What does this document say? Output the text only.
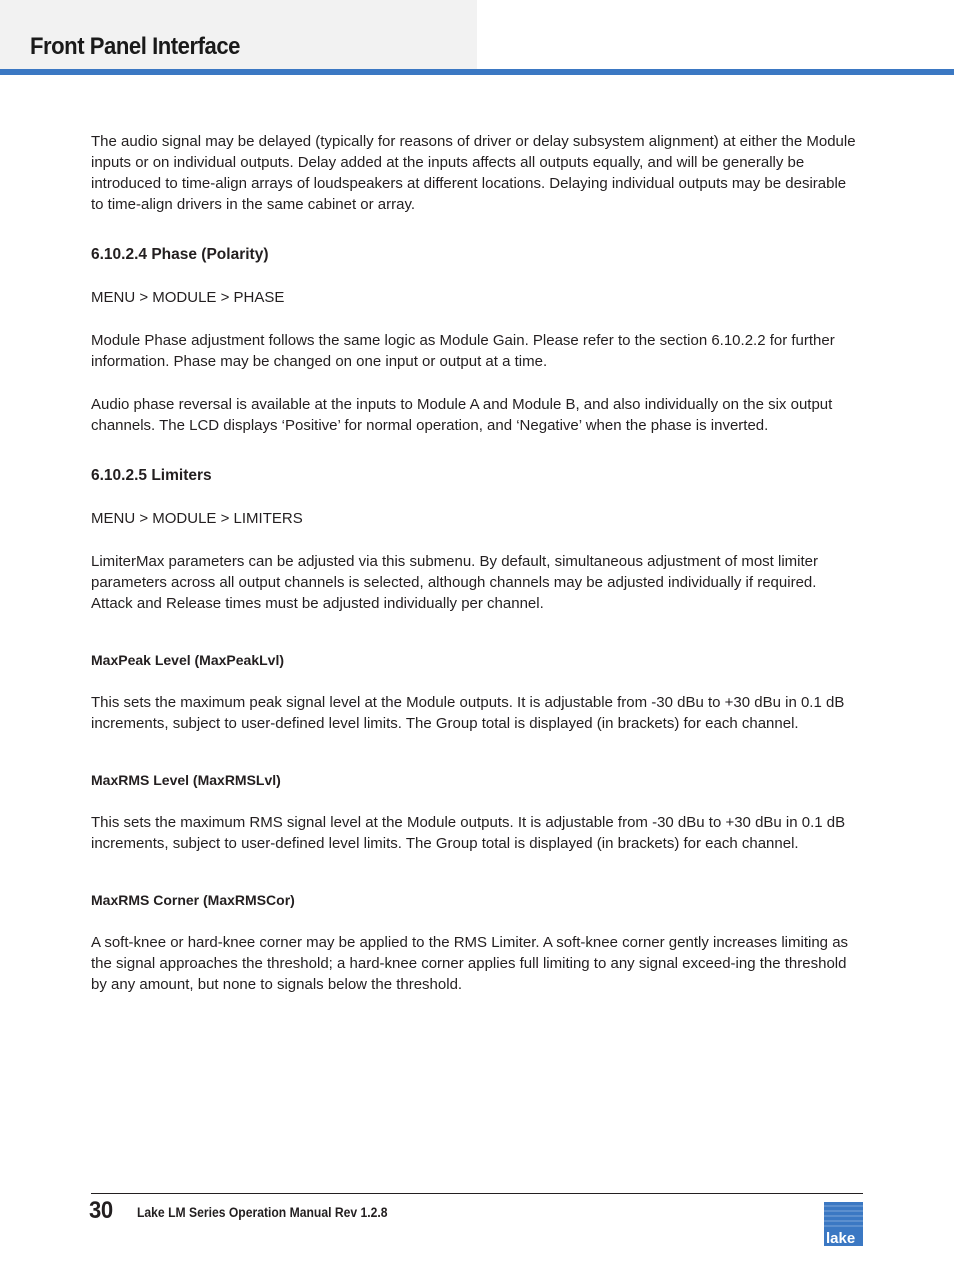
Front Panel Interface

The audio signal may be delayed (typically for reasons of driver or delay subsystem alignment) at either the Module inputs or on individual outputs. Delay added at the inputs affects all outputs equally, and will be generally be introduced to time-align arrays of loudspeakers at different locations. Delaying individual outputs may be desirable to time-align drivers in the same cabinet or array.

6.10.2.4 Phase (Polarity)

MENU > MODULE > PHASE

Module Phase adjustment follows the same logic as Module Gain. Please refer to the section 6.10.2.2 for further information. Phase may be changed on one input or output at a time.

Audio phase reversal is available at the inputs to Module A and Module B, and also individually on the six output channels. The LCD displays ‘Positive’ for normal operation, and ‘Negative’ when the phase is inverted.

6.10.2.5 Limiters

MENU > MODULE > LIMITERS

LimiterMax parameters can be adjusted via this submenu. By default, simultaneous adjustment of most limiter parameters across all output channels is selected, although channels may be adjusted individually if required. Attack and Release times must be adjusted individually per channel.

MaxPeak Level (MaxPeakLvl)

This sets the maximum peak signal level at the Module outputs. It is adjustable from -30 dBu to +30 dBu in 0.1 dB increments, subject to user-defined level limits. The Group total is displayed (in brackets) for each channel.

MaxRMS Level (MaxRMSLvl)

This sets the maximum RMS signal level at the Module outputs. It is adjustable from -30 dBu to +30 dBu in 0.1 dB increments, subject to user-defined level limits. The Group total is displayed (in brackets) for each channel.

MaxRMS Corner (MaxRMSCor)

A soft-knee or hard-knee corner may be applied to the RMS Limiter. A soft-knee corner gently increases limiting as the signal approaches the threshold; a hard-knee corner applies full limiting to any signal exceed-ing the threshold by any amount, but none to signals below the threshold.

30 Lake LM Series Operation Manual Rev 1.2.8
lake
